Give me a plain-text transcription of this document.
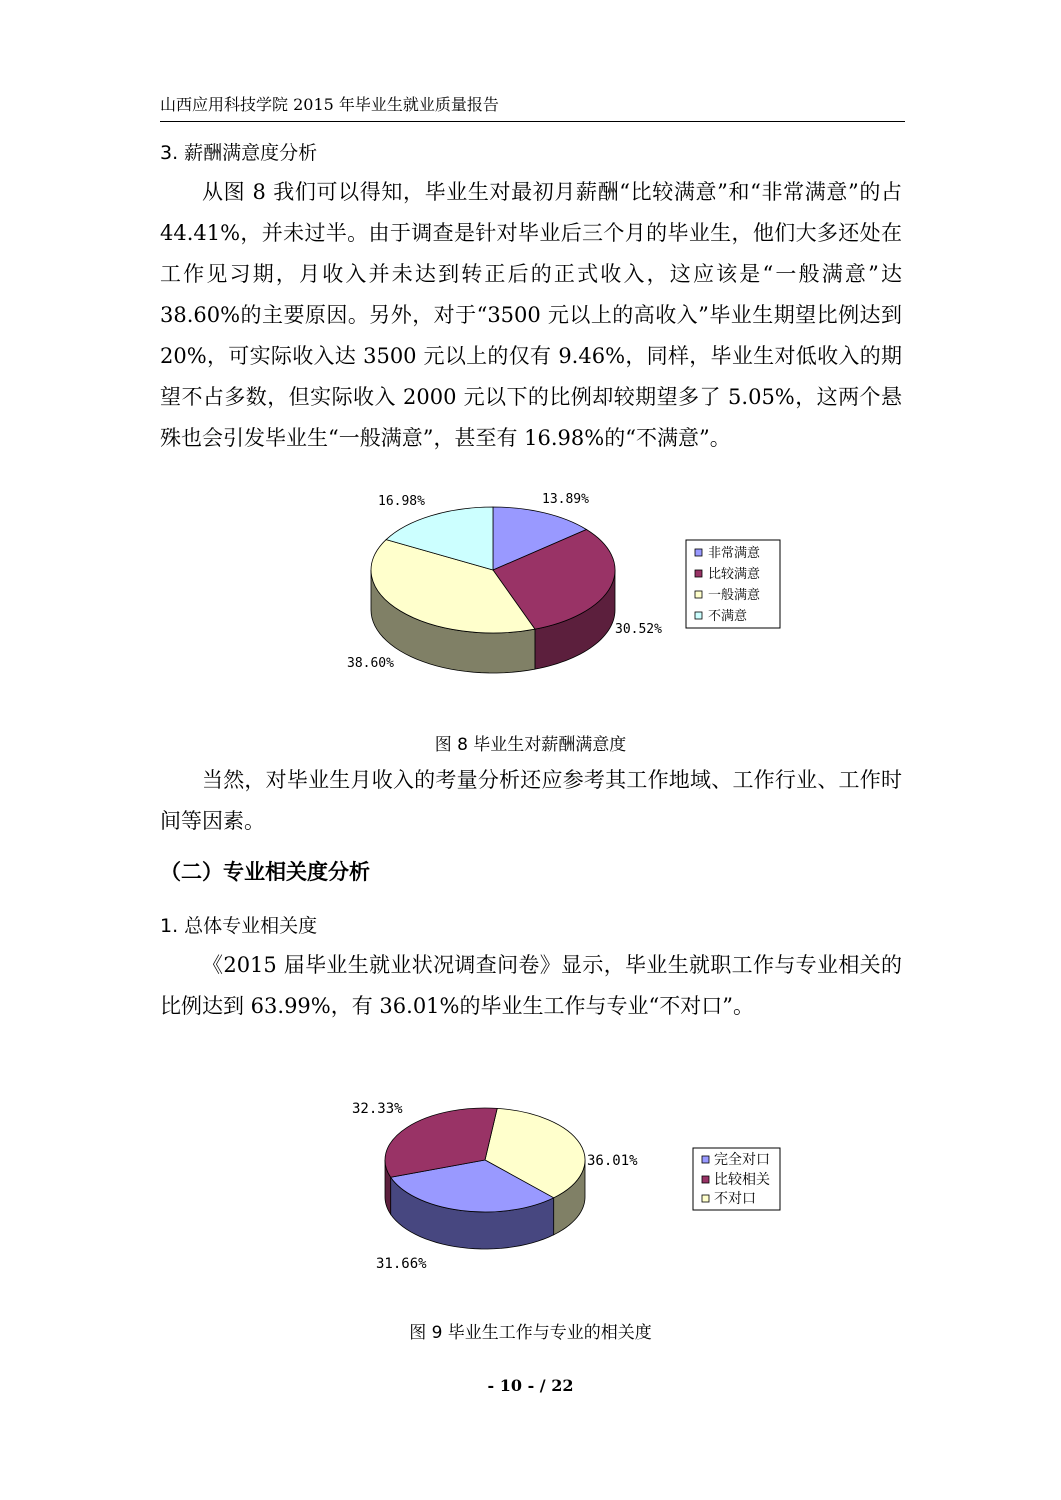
山西应用科技学院 2015 年毕业生就业质量报告
3. 薪酬满意度分析
从图 8 我们可以得知，毕业生对最初月薪酬“比较满意”和“非常满意”的占 44.41%，并未过半。由于调查是针对毕业后三个月的毕业生，他们大多还处在工作见习期，月收入并未达到转正后的正式收入，这应该是“一般满意”达38.60%的主要原因。另外，对于“3500 元以上的高收入”毕业生期望比例达到20%，可实际收入达 3500 元以上的仅有 9.46%，同样，毕业生对低收入的期望不占多数，但实际收入 2000 元以下的比例却较期望多了 5.05%，这两个悬殊也会引发毕业生“一般满意”，甚至有 16.98%的“不满意”。
13.89%
30.52%
38.60%
16.98%
非常满意
比较满意
一般满意
不满意
图 8 毕业生对薪酬满意度
当然，对毕业生月收入的考量分析还应参考其工作地域、工作行业、工作时间等因素。
（二）专业相关度分析
1. 总体专业相关度
《2015 届毕业生就业状况调查问卷》显示，毕业生就职工作与专业相关的比例达到 63.99%，有 36.01%的毕业生工作与专业“不对口”。
36.01%
31.66%
32.33%
完全对口
比较相关
不对口
图 9 毕业生工作与专业的相关度
- 10 - / 22
